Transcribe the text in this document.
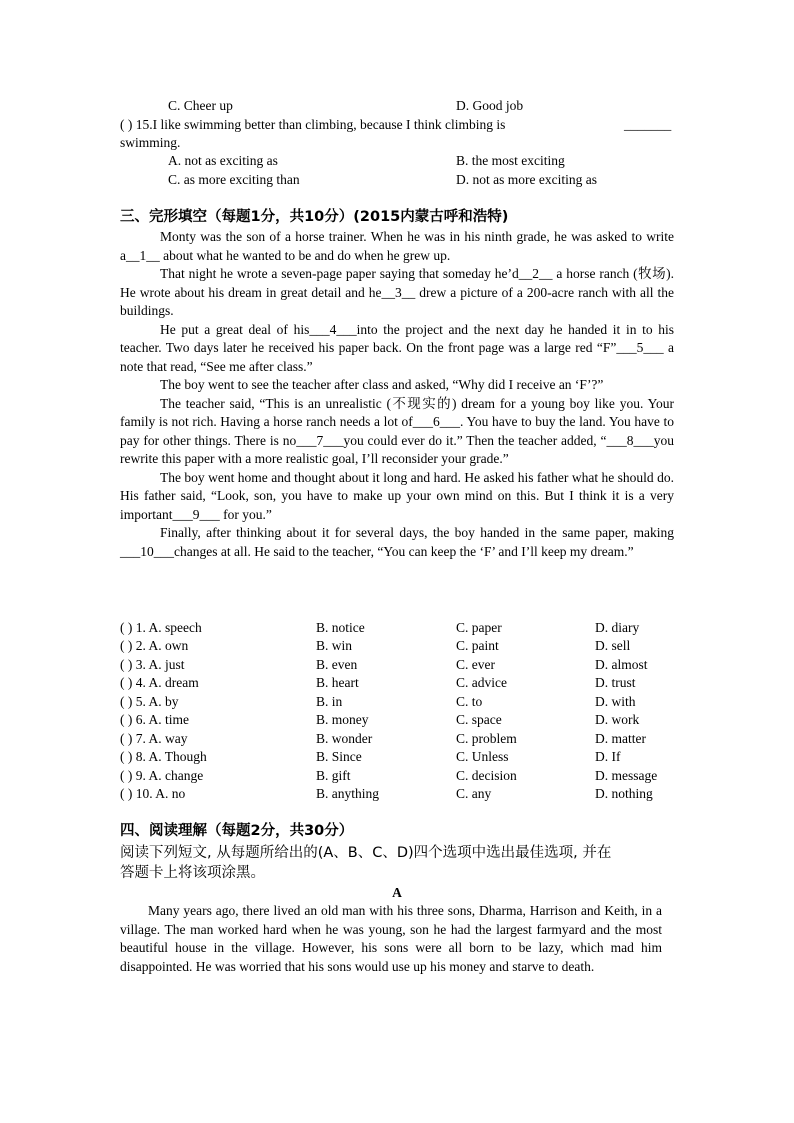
C. Cheer up	D. Good job
( ) 15.I like swimming better than climbing, because I think climbing is	_______
swimming.
A. not as exciting as	B. the most exciting
C. as more exciting than	D. not as more exciting as
三、完形填空（每题1分，共10分）(2015内蒙古呼和浩特)

Monty was the son of a horse trainer. When he was in his ninth grade, he was asked to write a__1__ about what he wanted to be and do when he grew up.

That night he wrote a seven-page paper saying that someday he’d__2__ a horse ranch (牧场). He wrote about his dream in great detail and he__3__ drew a picture of a 200-acre ranch with all the buildings.

He put a great deal of his___4___into the project and the next day he handed it in to his teacher. Two days later he received his paper back. On the front page was a large red “F”___5___ a note that read, “See me after class.”

The boy went to see the teacher after class and asked, “Why did I receive an ‘F’?”

The teacher said, “This is an unrealistic (不现实的) dream for a young boy like you. Your family is not rich. Having a horse ranch needs a lot of___6___. You have to buy the land. You have to pay for other things. There is no___7___you could ever do it.” Then the teacher added, “___8___you rewrite this paper with a more realistic goal, I’ll reconsider your grade.”

The boy went home and thought about it long and hard. He asked his father what he should do. His father said, “Look, son, you have to make up your own mind on this. But I think it is a very important___9___ for you.”

Finally, after thinking about it for several days, the boy handed in the same paper, making ___10___changes at all. He said to the teacher, “You can keep the ‘F’ and I’ll keep my dream.”

( ) 1. A. speech	B. notice	C. paper	D. diary
( ) 2. A. own	B. win	C. paint	D. sell
( ) 3. A. just	B. even	C. ever	D. almost
( ) 4. A. dream	B. heart	C. advice	D. trust
( ) 5. A. by	B. in	C. to	D. with
( ) 6. A. time	B. money	C. space	D. work
( ) 7. A. way	B. wonder	C. problem	D. matter
( ) 8. A. Though	B. Since	C. Unless	D. If
( ) 9. A. change	B. gift	C. decision	D. message
( ) 10. A. no	B. anything	C. any	D. nothing
四、阅读理解（每题2分，共30分）
阅读下列短文, 从每题所给出的(A、B、C、D)四个选项中选出最佳选项, 并在
答题卡上将该项涂黑。
A

Many years ago, there lived an old man with his three sons, Dharma, Harrison and Keith, in a village. The man worked hard when he was young, son he had the largest farmyard and the most beautiful house in the village. However, his sons were all born to be lazy, which mad him disappointed. He was worried that his sons would use up his money and starve to death.
